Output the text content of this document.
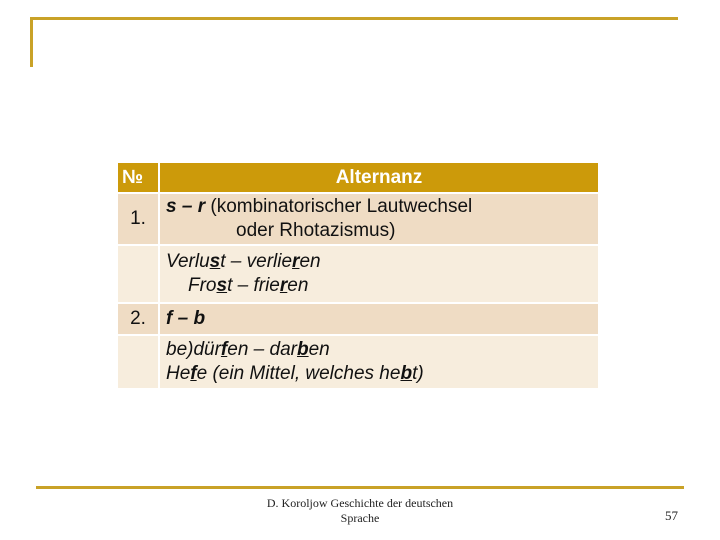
№	Alternanz
1.	s – r (kombinatorischer Lautwechsel
oder Rhotazismus)

	Verlust – verlieren
Frost – frieren

2.	f – b

	be)dürfen – darben
Hefe (ein Mittel, welches hebt)
D. Koroljow Geschichte der deutschen
Sprache	57
